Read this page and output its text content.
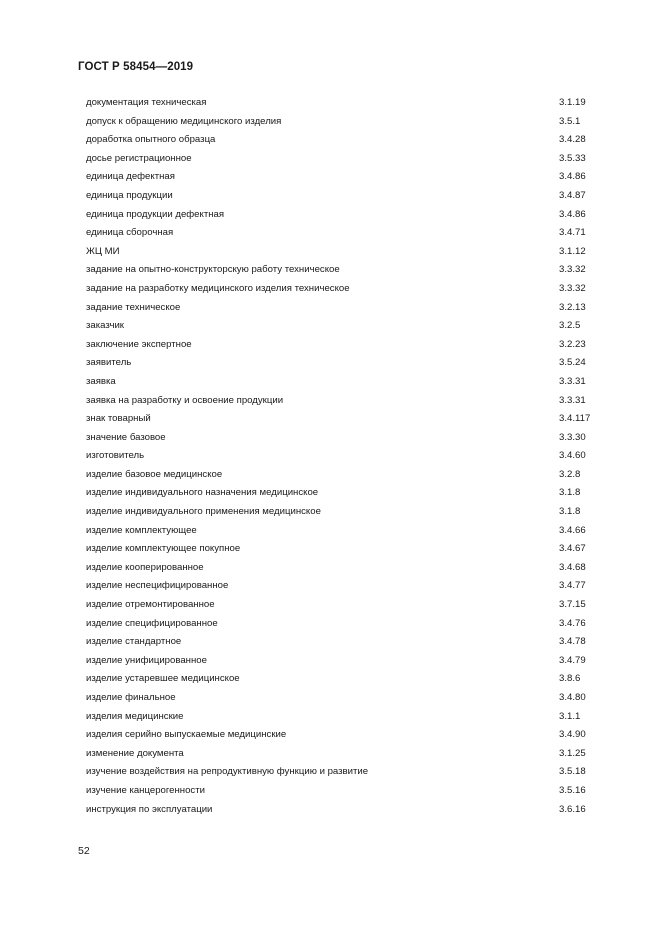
ГОСТ Р 58454—2019
документация техническая	3.1.19
допуск к обращению медицинского изделия	3.5.1
доработка опытного образца	3.4.28
досье регистрационное	3.5.33
единица дефектная	3.4.86
единица продукции	3.4.87
единица продукции дефектная	3.4.86
единица сборочная	3.4.71
ЖЦ МИ	3.1.12
задание на опытно-конструкторскую работу техническое	3.3.32
задание на разработку медицинского изделия техническое	3.3.32
задание техническое	3.2.13
заказчик	3.2.5
заключение экспертное	3.2.23
заявитель	3.5.24
заявка	3.3.31
заявка на разработку и освоение продукции	3.3.31
знак товарный	3.4.117
значение базовое	3.3.30
изготовитель	3.4.60
изделие базовое медицинское	3.2.8
изделие индивидуального назначения медицинское	3.1.8
изделие индивидуального применения медицинское	3.1.8
изделие комплектующее	3.4.66
изделие комплектующее покупное	3.4.67
изделие кооперированное	3.4.68
изделие неспецифицированное	3.4.77
изделие отремонтированное	3.7.15
изделие специфицированное	3.4.76
изделие стандартное	3.4.78
изделие унифицированное	3.4.79
изделие устаревшее медицинское	3.8.6
изделие финальное	3.4.80
изделия медицинские	3.1.1
изделия серийно выпускаемые медицинские	3.4.90
изменение документа	3.1.25
изучение воздействия на репродуктивную функцию и развитие	3.5.18
изучение канцерогенности	3.5.16
инструкция по эксплуатации	3.6.16
52
